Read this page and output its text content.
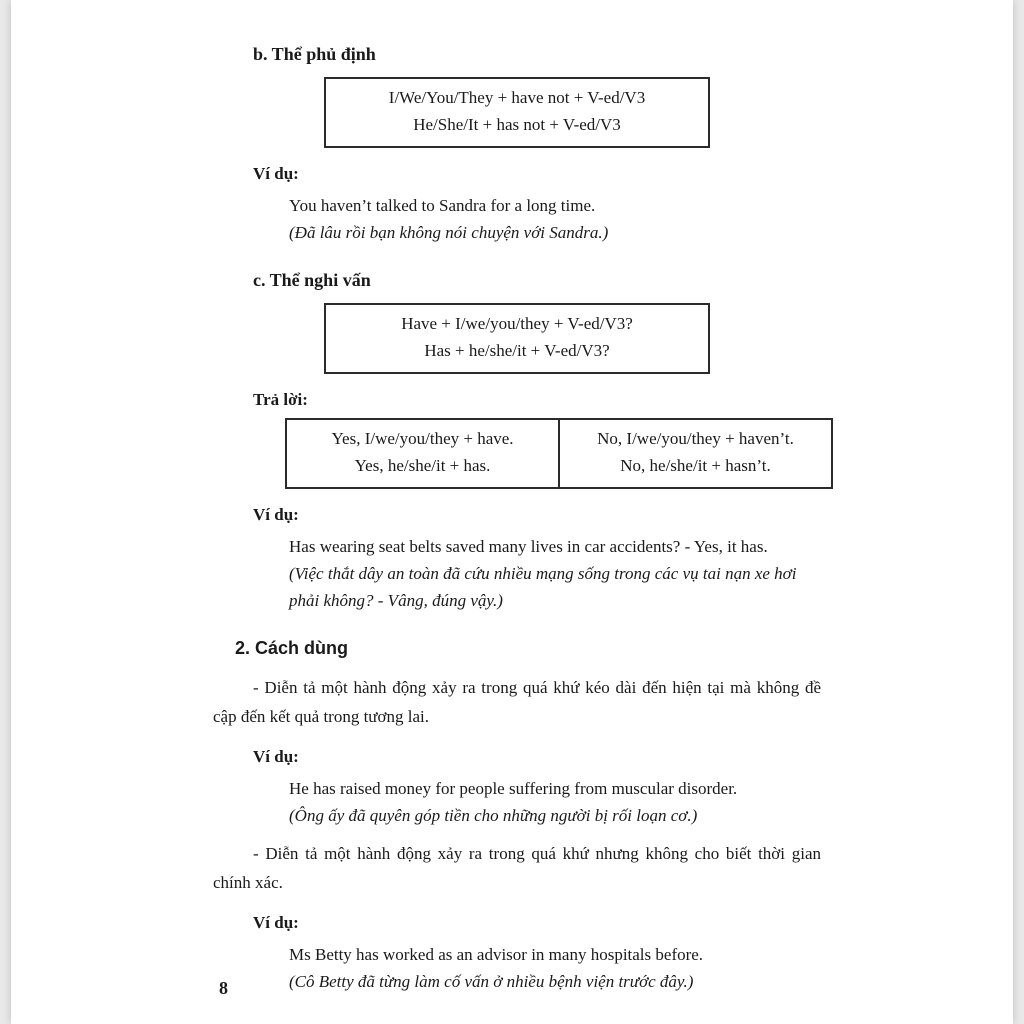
b. Thể phủ định
I/We/You/They + have not + V-ed/V3
He/She/It + has not + V-ed/V3

Ví dụ:

You haven’t talked to Sandra for a long time.

(Đã lâu rồi bạn không nói chuyện với Sandra.)

c. Thể nghi vấn
Have + I/we/you/they + V-ed/V3?
Has + he/she/it + V-ed/V3?

Trả lời:

Yes, I/we/you/they + have.
Yes, he/she/it + has.

No, I/we/you/they + haven’t.
No, he/she/it + hasn’t.

Ví dụ:

Has wearing seat belts saved many lives in car accidents? - Yes, it has.

(Việc thắt dây an toàn đã cứu nhiều mạng sống trong các vụ tai nạn xe hơi phải không? - Vâng, đúng vậy.)

2. Cách dùng

- Diễn tả một hành động xảy ra trong quá khứ kéo dài đến hiện tại mà không đề cập đến kết quả trong tương lai.

Ví dụ:

He has raised money for people suffering from muscular disorder.

(Ông ấy đã quyên góp tiền cho những người bị rối loạn cơ.)

- Diễn tả một hành động xảy ra trong quá khứ nhưng không cho biết thời gian chính xác.

Ví dụ:

Ms Betty has worked as an advisor in many hospitals before.

(Cô Betty đã từng làm cố vấn ở nhiều bệnh viện trước đây.)

8
